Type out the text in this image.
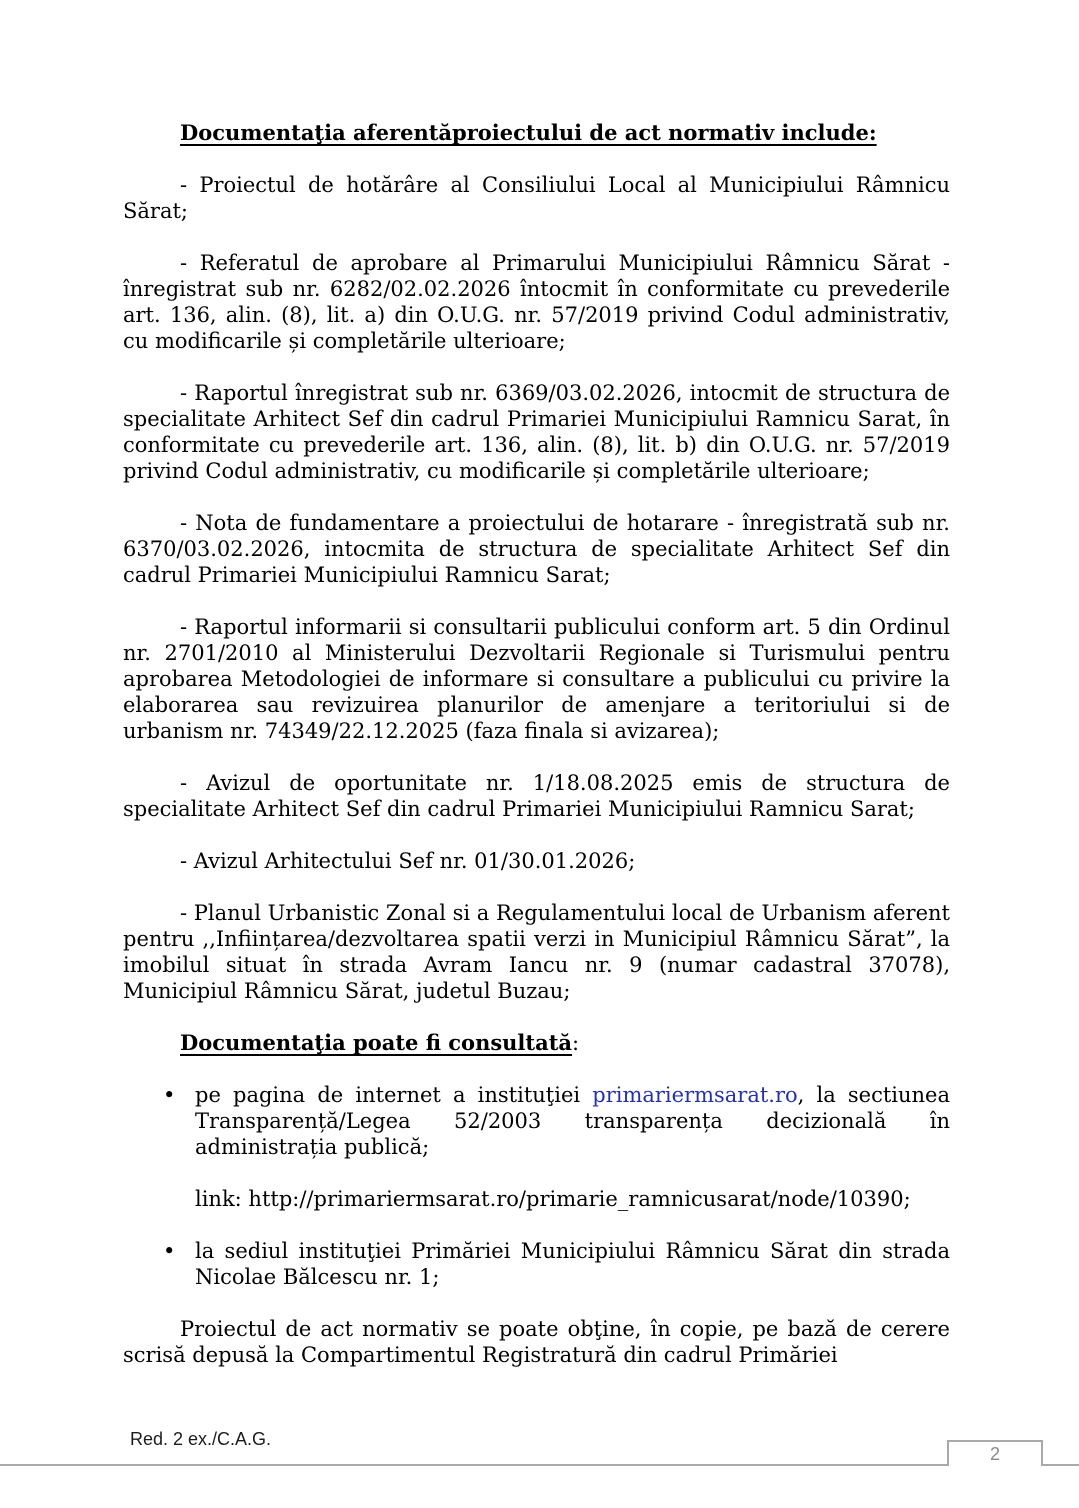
Documentaţia aferentăproiectului de act normativ include:

- Proiectul de hotărâre al Consiliului Local al Municipiului Râmnicu Sărat;

- Referatul de aprobare al Primarului Municipiului Râmnicu Sărat - înregistrat sub nr. 6282/02.02.2026 întocmit în conformitate cu prevederile art. 136, alin. (8), lit. a) din O.U.G. nr. 57/2019 privind Codul administrativ, cu modificarile și completările ulterioare;

- Raportul înregistrat sub nr. 6369/03.02.2026, intocmit de structura de specialitate Arhitect Sef din cadrul Primariei Municipiului Ramnicu Sarat, în conformitate cu prevederile art. 136, alin. (8), lit. b) din O.U.G. nr. 57/2019 privind Codul administrativ, cu modificarile și completările ulterioare;

- Nota de fundamentare a proiectului de hotarare - înregistrată sub nr. 6370/03.02.2026, intocmita de structura de specialitate Arhitect Sef din cadrul Primariei Municipiului Ramnicu Sarat;

- Raportul informarii si consultarii publicului conform art. 5 din Ordinul nr. 2701/2010 al Ministerului Dezvoltarii Regionale si Turismului pentru aprobarea Metodologiei de informare si consultare a publicului cu privire la elaborarea sau revizuirea planurilor de amenjare a teritoriului si de urbanism nr. 74349/22.12.2025 (faza finala si avizarea);

- Avizul de oportunitate nr. 1/18.08.2025 emis de structura de specialitate Arhitect Sef din cadrul Primariei Municipiului Ramnicu Sarat;

- Avizul Arhitectului Sef nr. 01/30.01.2026;

- Planul Urbanistic Zonal si a Regulamentului local de Urbanism aferent pentru ,,Inființarea/dezvoltarea spatii verzi in Municipiul Râmnicu Sărat”, la imobilul situat în strada Avram Iancu nr. 9 (numar cadastral 37078), Municipiul Râmnicu Sărat, judetul Buzau;

Documentaţia poate fi consultată:

• pe pagina de internet a instituţiei primariermsarat.ro, la sectiunea Transparență/Legea 52/2003 transparența decizională în administrația publică;

link: http://primariermsarat.ro/primarie_ramnicusarat/node/10390;

• la sediul instituţiei Primăriei Municipiului Râmnicu Sărat din strada Nicolae Bălcescu nr. 1;

Proiectul de act normativ se poate obţine, în copie, pe bază de cerere scrisă depusă la Compartimentul Registratură din cadrul Primăriei

Red. 2 ex./C.A.G.
2
